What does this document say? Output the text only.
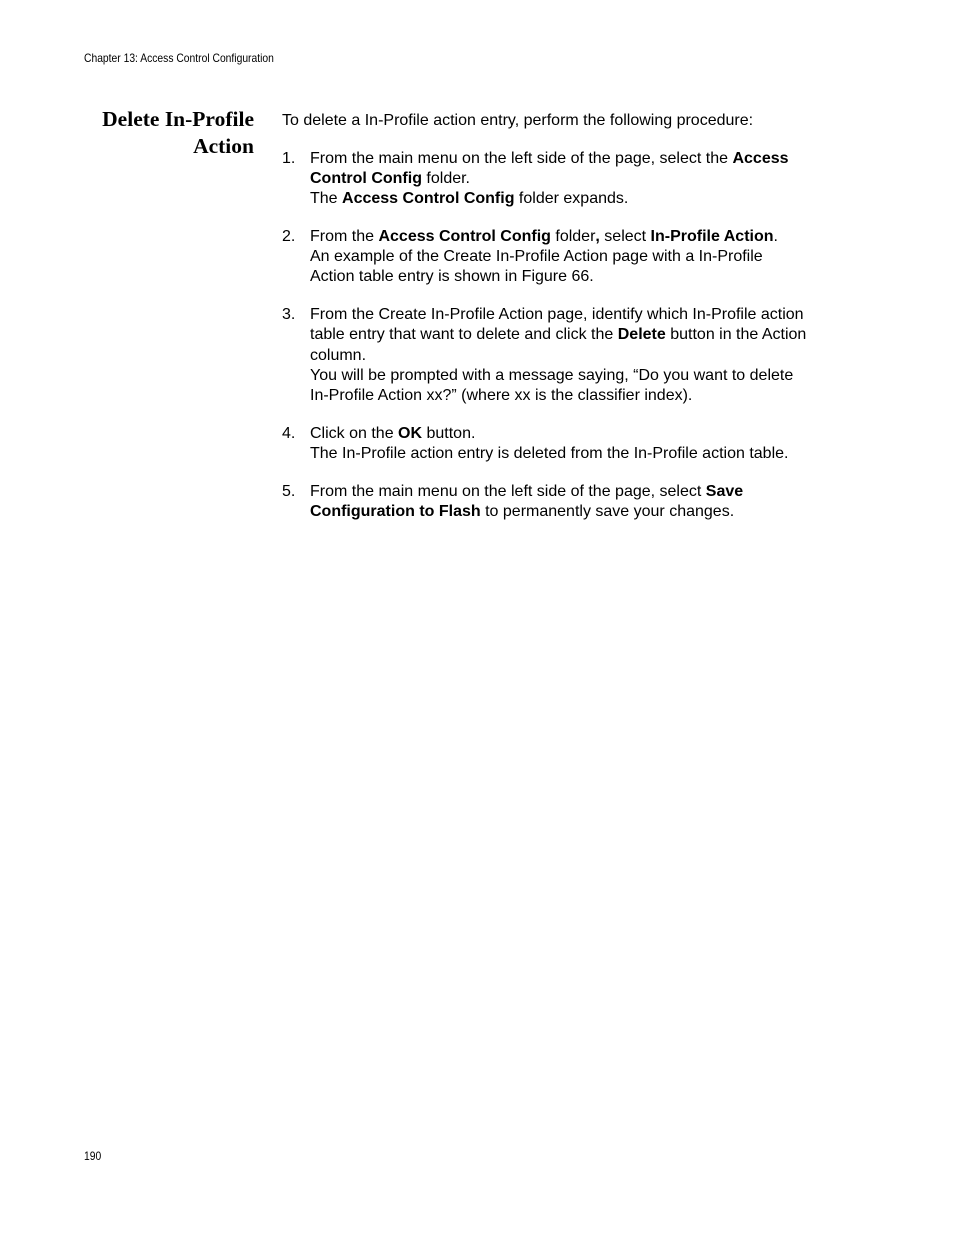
Chapter 13: Access Control Configuration
Delete In-Profile
Action

To delete a In-Profile action entry, perform the following procedure:

1. From the main menu on the left side of the page, select the Access
Control Config folder.
The Access Control Config folder expands.
2. From the Access Control Config folder, select In-Profile Action.
An example of the Create In-Profile Action page with a In-Profile
Action table entry is shown in Figure 66.
3. From the Create In-Profile Action page, identify which In-Profile action
table entry that want to delete and click the Delete button in the Action
column.
You will be prompted with a message saying, “Do you want to delete
In-Profile Action xx?” (where xx is the classifier index).
4. Click on the OK button.
The In-Profile action entry is deleted from the In-Profile action table.
5. From the main menu on the left side of the page, select Save
Configuration to Flash to permanently save your changes.
190
